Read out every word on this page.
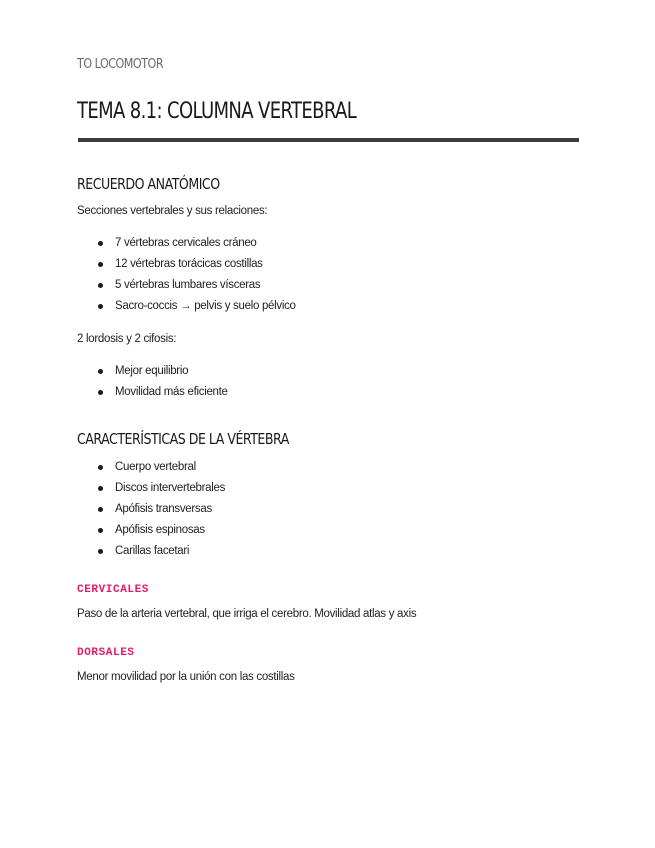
TO LOCOMOTOR
TEMA 8.1: COLUMNA VERTEBRAL
RECUERDO ANATÓMICO

Secciones vertebrales y sus relaciones:

7 vértebras cervicales cráneo
12 vértebras torácicas costillas
5 vértebras lumbares vísceras
Sacro-coccis → pelvis y suelo pélvico

2 lordosis y 2 cifosis:

Mejor equilibrio
Movilidad más eficiente
CARACTERÍSTICAS DE LA VÉRTEBRA
Cuerpo vertebral
Discos intervertebrales
Apófisis transversas
Apófisis espinosas
Carillas facetari
CERVICALES

Paso de la arteria vertebral, que irriga el cerebro. Movilidad atlas y axis

DORSALES

Menor movilidad por la unión con las costillas
